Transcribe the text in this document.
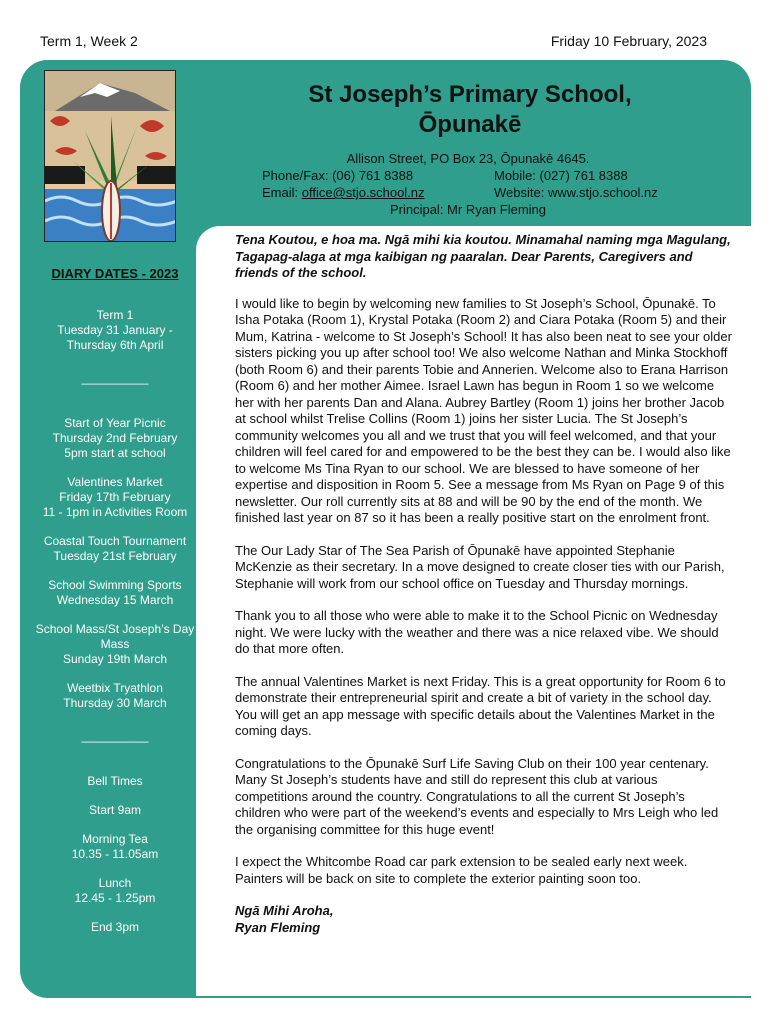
Term 1, Week 2	Friday 10 February, 2023
St Joseph’s Primary School,
Ōpunakē
Allison Street, PO Box 23, Ōpunakē 4645.
Phone/Fax: (06) 761 8388	Mobile: (027) 761 8388
Email: office@stjo.school.nz	Website: www.stjo.school.nz
Principal: Mr Ryan Fleming
DIARY DATES - 2023
Term 1
Tuesday 31 January -
Thursday 6th April
__________
Start of Year Picnic
Thursday 2nd February
5pm start at school
Valentines Market
Friday 17th February
11 - 1pm in Activities Room
Coastal Touch Tournament
Tuesday 21st February
School Swimming Sports
Wednesday 15 March
School Mass/St Joseph’s Day Mass
Sunday 19th March
Weetbix Tryathlon
Thursday 30 March
__________
Bell Times
Start 9am
Morning Tea
10.35 - 11.05am
Lunch
12.45 - 1.25pm
End 3pm
Tena Koutou, e hoa ma. Ngā mihi kia koutou. Minamahal naming mga Magulang, Tagapag-alaga at mga kaibigan ng paaralan. Dear Parents, Caregivers and friends of the school.

I would like to begin by welcoming new families to St Joseph’s School, Ōpunakē. To Isha Potaka (Room 1), Krystal Potaka (Room 2) and Ciara Potaka (Room 5) and their Mum, Katrina - welcome to St Joseph’s School! It has also been neat to see your older sisters picking you up after school too! We also welcome Nathan and Minka Stockhoff (both Room 6) and their parents Tobie and Annerien. Welcome also to Erana Harrison (Room 6) and her mother Aimee. Israel Lawn has begun in Room 1 so we welcome her with her parents Dan and Alana. Aubrey Bartley (Room 1) joins her brother Jacob at school whilst Trelise Collins (Room 1) joins her sister Lucia. The St Joseph’s community welcomes you all and we trust that you will feel welcomed, and that your children will feel cared for and empowered to be the best they can be. I would also like to welcome Ms Tina Ryan to our school. We are blessed to have someone of her expertise and disposition in Room 5. See a message from Ms Ryan on Page 9 of this newsletter. Our roll currently sits at 88 and will be 90 by the end of the month. We finished last year on 87 so it has been a really positive start on the enrolment front.

The Our Lady Star of The Sea Parish of Ōpunakē have appointed Stephanie McKenzie as their secretary. In a move designed to create closer ties with our Parish, Stephanie will work from our school office on Tuesday and Thursday mornings.

Thank you to all those who were able to make it to the School Picnic on Wednesday night. We were lucky with the weather and there was a nice relaxed vibe. We should do that more often.

The annual Valentines Market is next Friday. This is a great opportunity for Room 6 to demonstrate their entrepreneurial spirit and create a bit of variety in the school day. You will get an app message with specific details about the Valentines Market in the coming days.

Congratulations to the Ōpunakē Surf Life Saving Club on their 100 year centenary. Many St Joseph’s students have and still do represent this club at various competitions around the country. Congratulations to all the current St Joseph’s children who were part of the weekend’s events and especially to Mrs Leigh who led the organising committee for this huge event!

I expect the Whitcombe Road car park extension to be sealed early next week. Painters will be back on site to complete the exterior painting soon too.

Ngā Mihi Aroha,
Ryan Fleming
